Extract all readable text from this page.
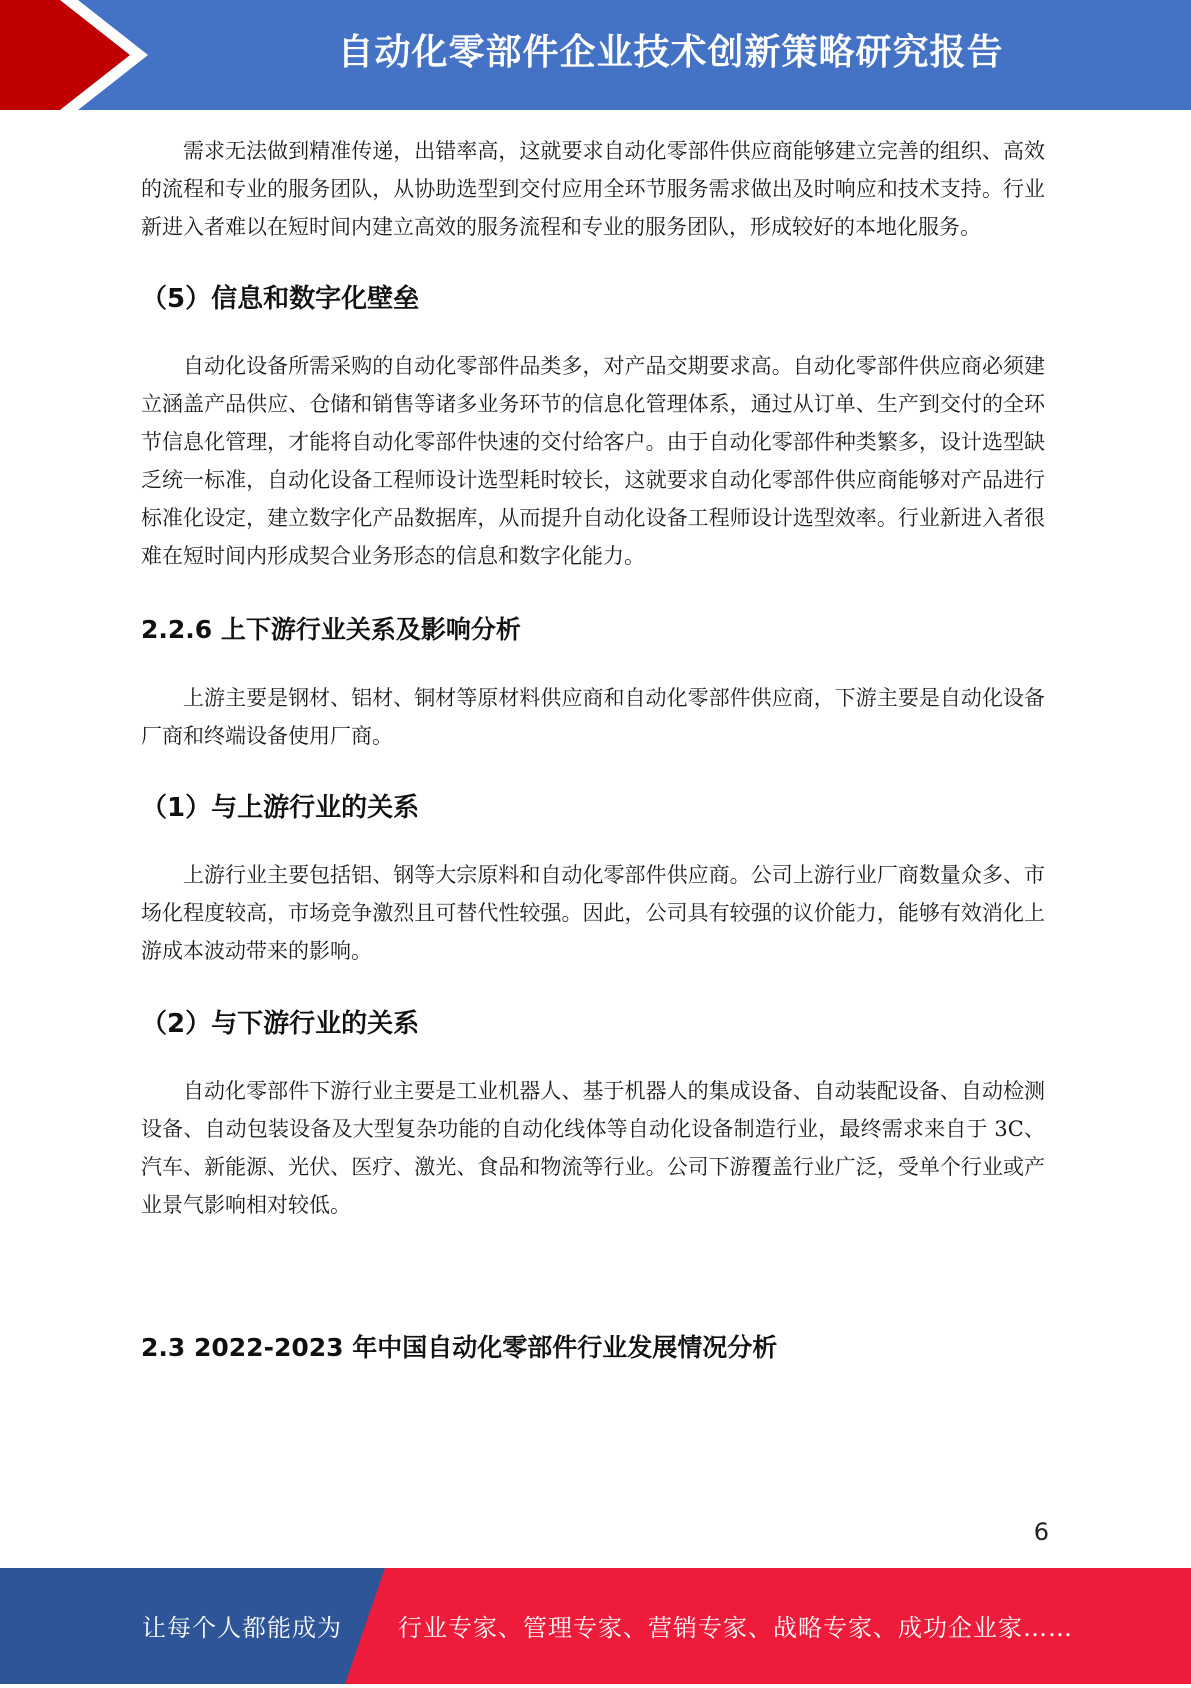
自动化零部件企业技术创新策略研究报告

需求无法做到精准传递，出错率高，这就要求自动化零部件供应商能够建立完善的组织、高效的流程和专业的服务团队，从协助选型到交付应用全环节服务需求做出及时响应和技术支持。行业新进入者难以在短时间内建立高效的服务流程和专业的服务团队，形成较好的本地化服务。

（5）信息和数字化壁垒

自动化设备所需采购的自动化零部件品类多，对产品交期要求高。自动化零部件供应商必须建立涵盖产品供应、仓储和销售等诸多业务环节的信息化管理体系，通过从订单、生产到交付的全环节信息化管理，才能将自动化零部件快速的交付给客户。由于自动化零部件种类繁多，设计选型缺乏统一标准，自动化设备工程师设计选型耗时较长，这就要求自动化零部件供应商能够对产品进行标准化设定，建立数字化产品数据库，从而提升自动化设备工程师设计选型效率。行业新进入者很难在短时间内形成契合业务形态的信息和数字化能力。

2.2.6 上下游行业关系及影响分析

上游主要是钢材、铝材、铜材等原材料供应商和自动化零部件供应商，下游主要是自动化设备厂商和终端设备使用厂商。

（1）与上游行业的关系

上游行业主要包括铝、钢等大宗原料和自动化零部件供应商。公司上游行业厂商数量众多、市场化程度较高，市场竞争激烈且可替代性较强。因此，公司具有较强的议价能力，能够有效消化上游成本波动带来的影响。

（2）与下游行业的关系

自动化零部件下游行业主要是工业机器人、基于机器人的集成设备、自动装配设备、自动检测设备、自动包装设备及大型复杂功能的自动化线体等自动化设备制造行业，最终需求来自于 3C、汽车、新能源、光伏、医疗、激光、食品和物流等行业。公司下游覆盖行业广泛，受单个行业或产业景气影响相对较低。

2.3 2022-2023 年中国自动化零部件行业发展情况分析
6
让每个人都能成为 行业专家、管理专家、营销专家、战略专家、成功企业家……
